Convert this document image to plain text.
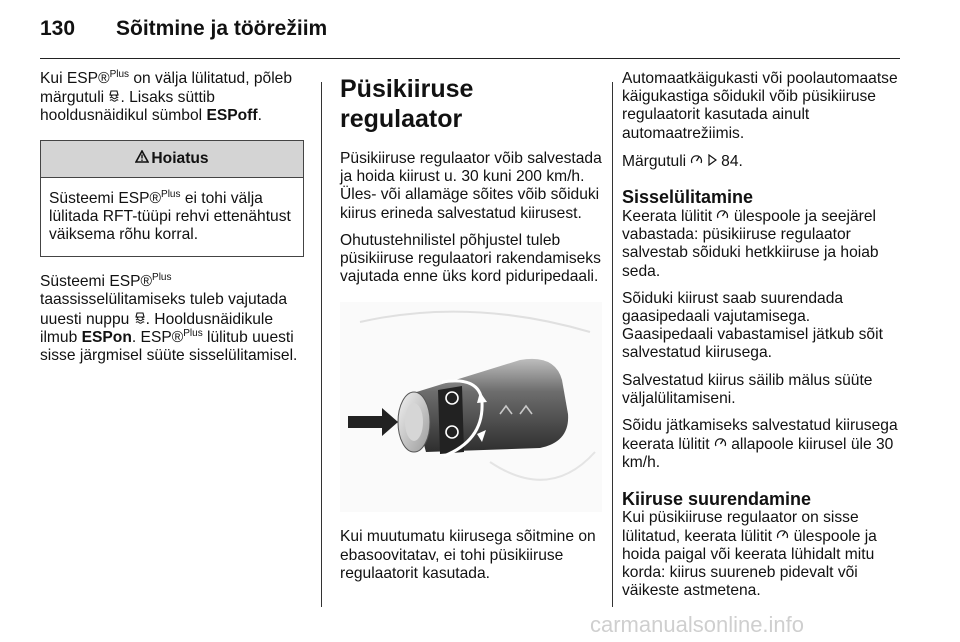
130 Sõitmine ja töörežiim

Kui ESP®$^{Plus}$ on välja lülitatud, põleb märgutuli . Lisaks süttib hooldusnäidikul sümbol ESPoff.

Hoiatus
Süsteemi ESP®$^{Plus}$ ei tohi välja lülitada RFT-tüüpi rehvi ettenähtust väiksema rõhu korral.

Süsteemi ESP®$^{Plus}$ taassisselülitamiseks tuleb vajutada uuesti nuppu . Hooldusnäidikule ilmub ESPon. ESP®$^{Plus}$ lülitub uuesti sisse järgmisel süüte sisselülitamisel.

Püsikiiruse regulaator

Püsikiiruse regulaator võib salvestada ja hoida kiirust u. 30 kuni 200 km/h. Üles- või allamäge sõites võib sõiduki kiirus erineda salvestatud kiirusest.

Ohutustehnilistel põhjustel tuleb püsikiiruse regulaatori rakendamiseks vajutada enne üks kord piduripedaali.

Kui muutumatu kiirusega sõitmine on ebasoovitatav, ei tohi püsikiiruse regulaatorit kasutada.

Automaatkäigukasti või poolautomaatse käigukastiga sõidukil võib püsikiiruse regulaatorit kasutada ainult automaatrežiimis.

Märgutuli   84.

Sisselülitamine

Keerata lülitit  ülespoole ja seejärel vabastada: püsikiiruse regulaator salvestab sõiduki hetkkiiruse ja hoiab seda.

Sõiduki kiirust saab suurendada gaasipedaali vajutamisega. Gaasipedaali vabastamisel jätkub sõit salvestatud kiirusega.

Salvestatud kiirus säilib mälus süüte väljalülitamiseni.

Sõidu jätkamiseks salvestatud kiirusega keerata lülitit  allapoole kiirusel üle 30 km/h.

Kiiruse suurendamine

Kui püsikiiruse regulaator on sisse lülitatud, keerata lülitit  ülespoole ja hoida paigal või keerata lühidalt mitu korda: kiirus suureneb pidevalt või väikeste astmetena.

carmanualsonline.info
